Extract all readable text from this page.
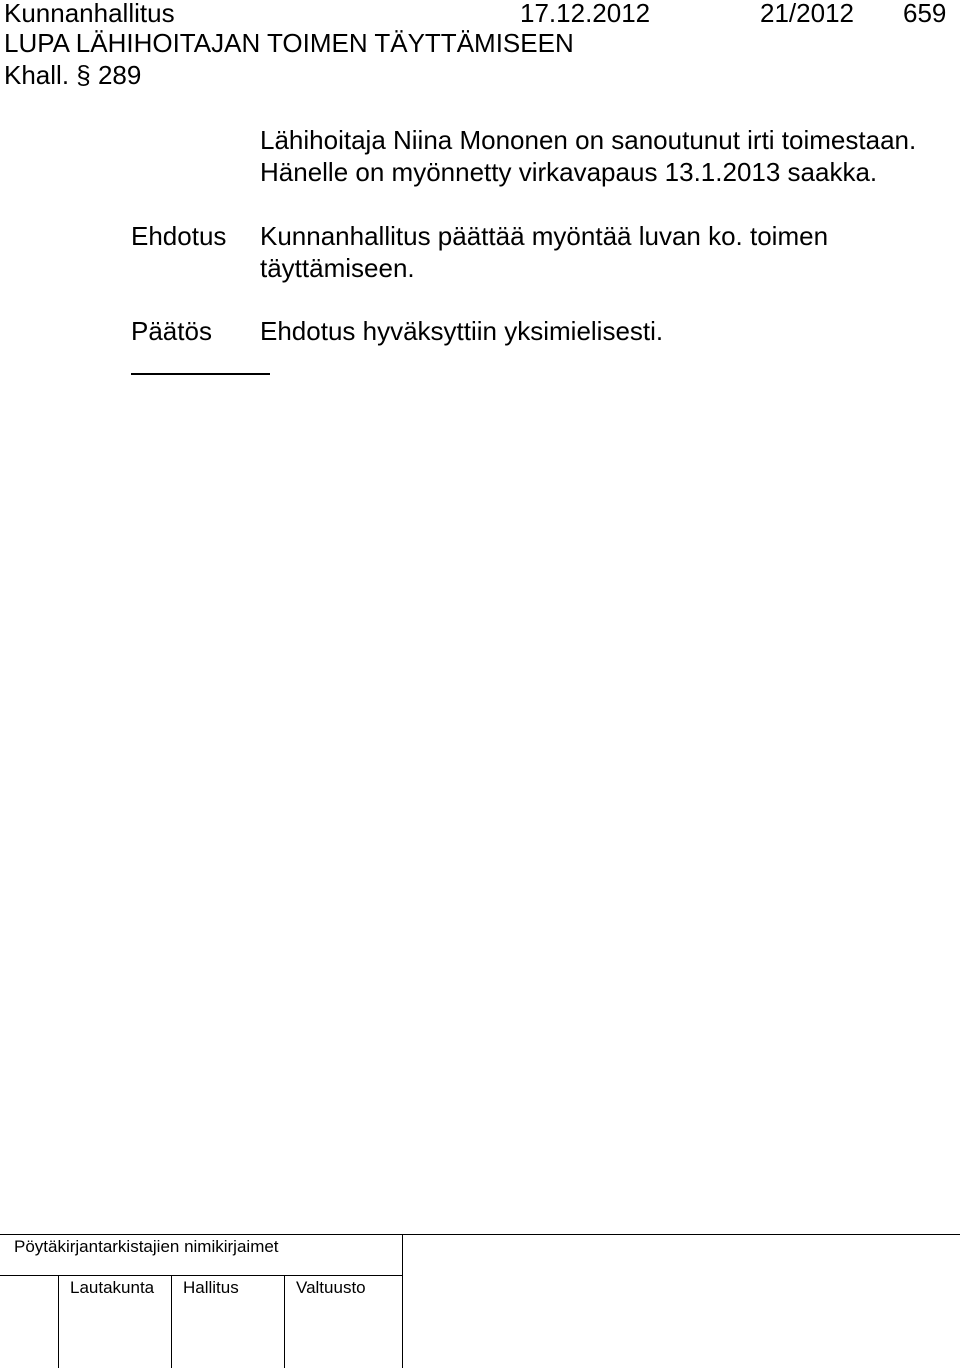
Kunnanhallitus	17.12.2012	21/2012 659
LUPA LÄHIHOITAJAN TOIMEN TÄYTTÄMISEEN
Khall. § 289
Lähihoitaja Niina Mononen on sanoutunut irti toimestaan.
Hänelle on myönnetty virkavapaus 13.1.2013 saakka.
Ehdotus Kunnanhallitus päättää myöntää luvan ko. toimen
täyttämiseen.
Päätös Ehdotus hyväksyttiin yksimielisesti.
Pöytäkirjantarkistajien nimikirjaimet
Lautakunta Hallitus	Valtuusto
